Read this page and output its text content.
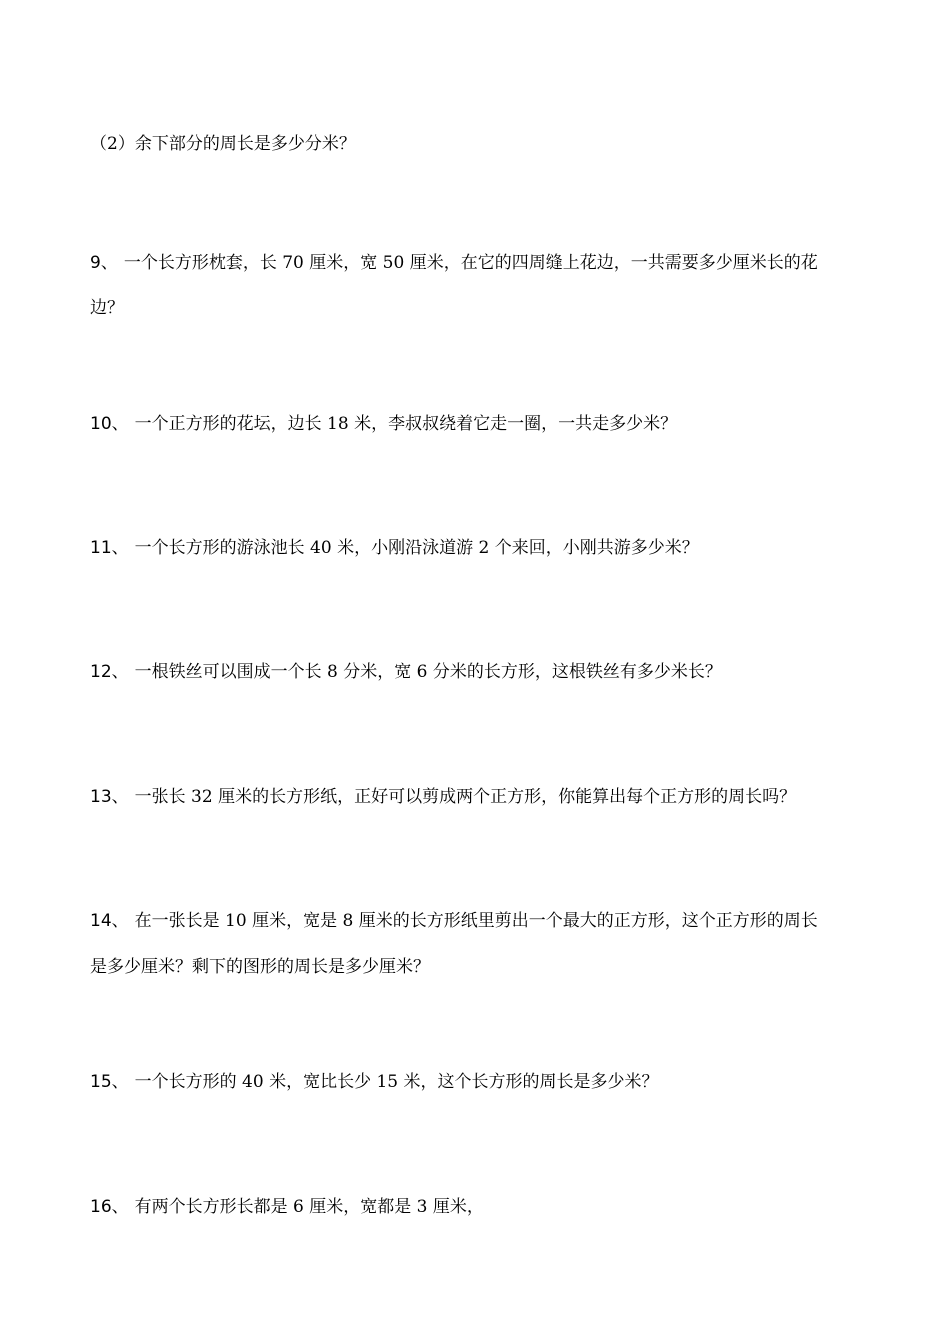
（2）余下部分的周长是多少分米？
9、 一个长方形枕套，长 70 厘米，宽 50 厘米，在它的四周缝上花边，一共需要多少厘米长的花
边？
10、 一个正方形的花坛，边长 18 米，李叔叔绕着它走一圈，一共走多少米？
11、 一个长方形的游泳池长 40 米，小刚沿泳道游 2 个来回，小刚共游多少米？
12、 一根铁丝可以围成一个长 8 分米，宽 6 分米的长方形，这根铁丝有多少米长？
13、 一张长 32 厘米的长方形纸，正好可以剪成两个正方形，你能算出每个正方形的周长吗？
14、 在一张长是 10 厘米，宽是 8 厘米的长方形纸里剪出一个最大的正方形，这个正方形的周长
是多少厘米？剩下的图形的周长是多少厘米？
15、 一个长方形的 40 米，宽比长少 15 米，这个长方形的周长是多少米？
16、 有两个长方形长都是 6 厘米，宽都是 3 厘米，
